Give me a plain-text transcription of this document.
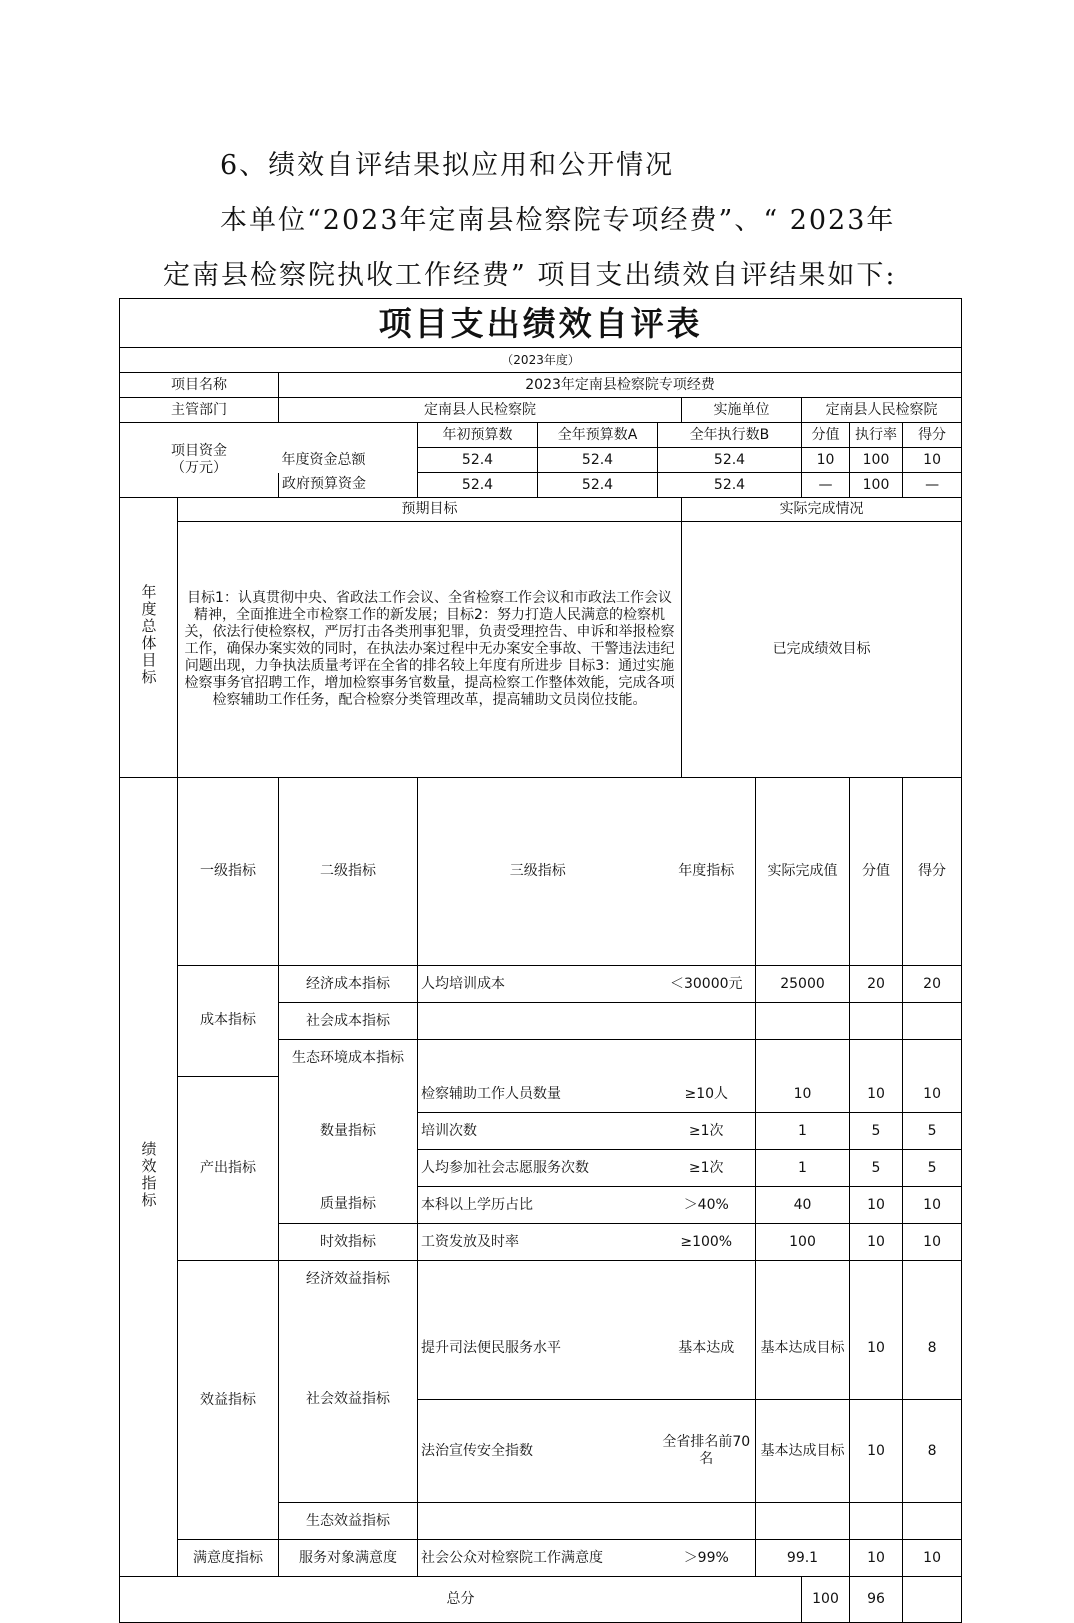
6、绩效自评结果拟应用和公开情况

本单位“2023年定南县检察院专项经费”、“ 2023年

定南县检察院执收工作经费” 项目支出绩效自评结果如下:

项目支出绩效自评表											
（2023年度）											
项目名称		2023年定南县检察院专项经费									
主管部门		定南县人民检察院				实施单位		定南县人民检察院			

项目资金
（万元）			年初预算数	全年预算数A	全年执行数B			分值	执行率	得分	
		年度资金总额	52.4	52.4	52.4			10	100	10	
		政府预算资金	52.4	52.4	52.4			—	100	—	
年度总体目标	预期目标					实际完成情况					
	目标1：认真贯彻中央、省政法工作会议、全省检察工作会议和市政法工作会议精神，全面推进全市检察工作的新发展；目标2：努力打造人民满意的检察机关，依法行使检察权，严厉打击各类刑事犯罪，负责受理控告、申诉和举报检察工作，确保办案实效的同时，在执法办案过程中无办案安全事故、干警违法违纪问题出现，力争执法质量考评在全省的排名较上年度有所进步 目标3：通过实施检察事务官招聘工作，增加检察事务官数量，提高检察工作整体效能，完成各项检察辅助工作任务，配合检察分类管理改革，提高辅助文员岗位技能。					已完成绩效目标					
绩效指标	一级指标	二级指标	三级指标		年度指标		实际完成值		分值	得分	
	成本指标	经济成本指标	人均培训成本		＜30000元		25000		20	20	
		社会成本指标									
		生态环境成本指标									
	产出指标	数量指标	检察辅助工作人员数量		≥10人		10		10	10	
			培训次数		≥1次		1		5	5	
			人均参加社会志愿服务次数		≥1次		1		5	5	
		质量指标	本科以上学历占比		＞40%		40		10	10	
		时效指标	工资发放及时率		≥100%		100		10	10	
	效益指标	经济效益指标									
		社会效益指标	提升司法便民服务水平		基本达成		基本达成目标		10	8	
			法治宣传安全指数		全省排名前70名		基本达成目标		10	8	
		生态效益指标									
	满意度指标	服务对象满意度	社会公众对检察院工作满意度		＞99%		99.1		10	10	
总分								100	96		
